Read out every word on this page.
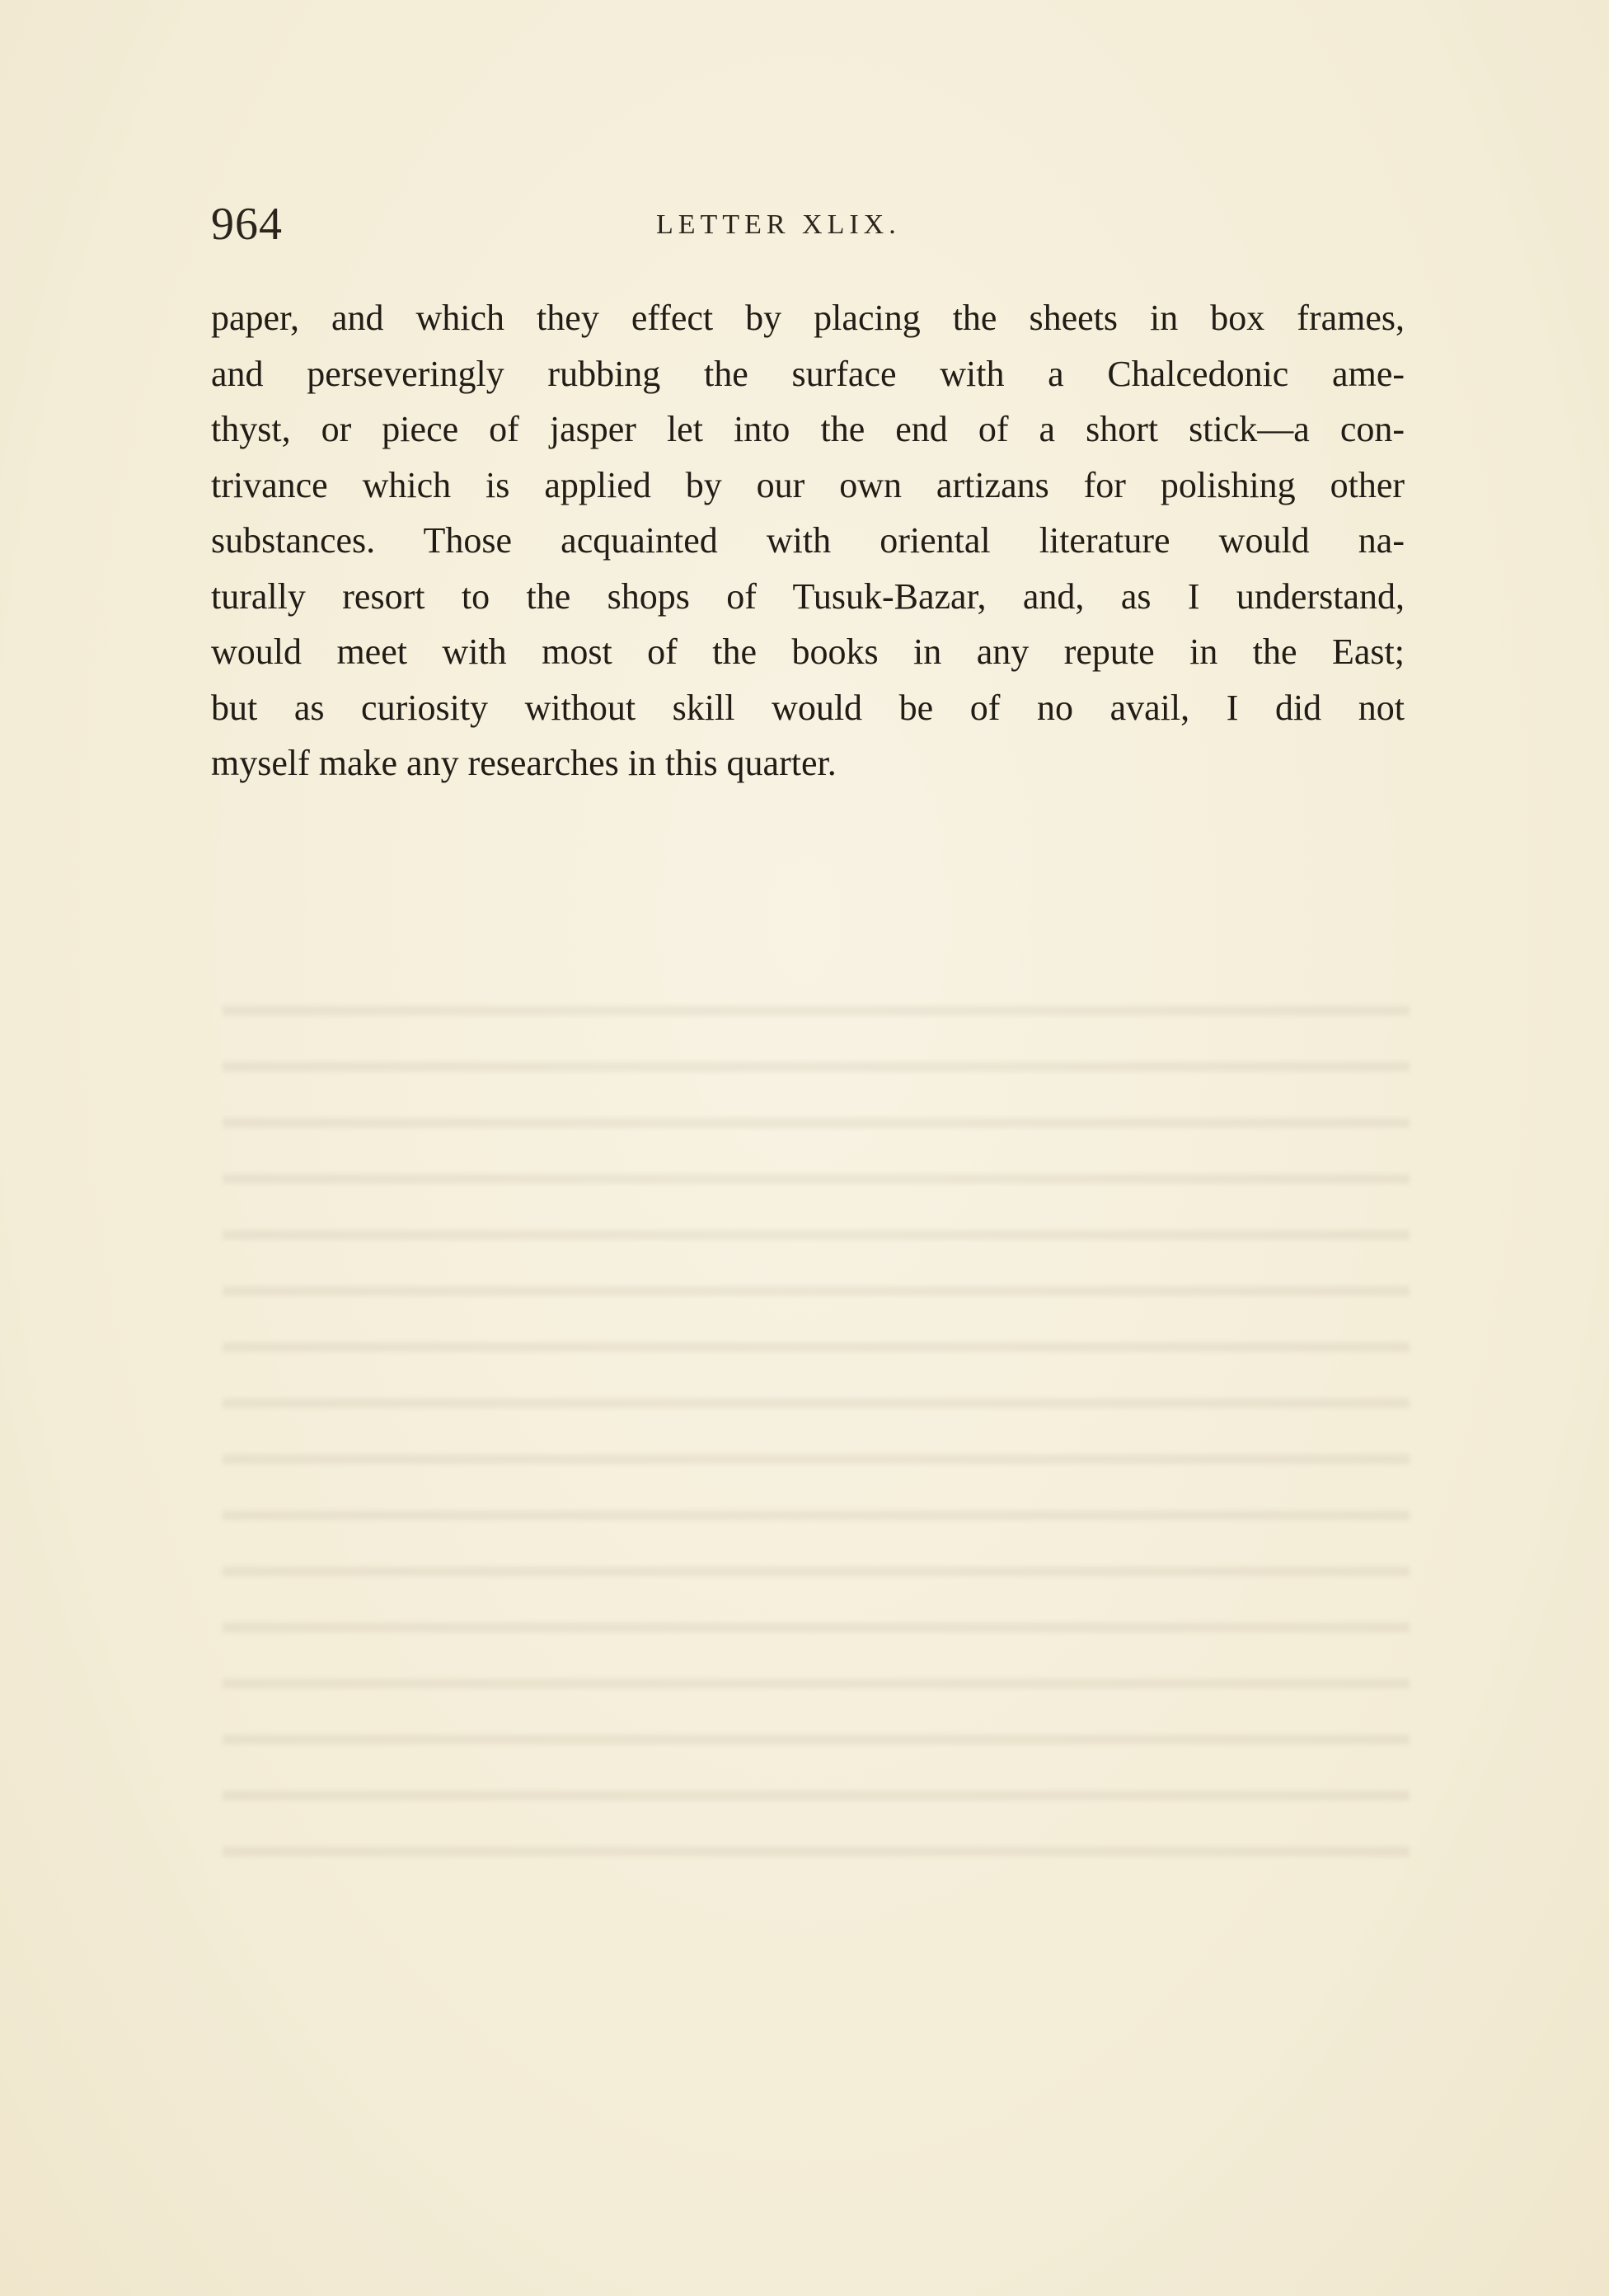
964	LETTER XLIX.
paper, and which they effect by placing the sheets in box frames,
and perseveringly rubbing the surface with a Chalcedonic ame-
thyst, or piece of jasper let into the end of a short stick—a con-
trivance which is applied by our own artizans for polishing other
substances. Those acquainted with oriental literature would na-
turally resort to the shops of Tusuk-Bazar, and, as I understand,
would meet with most of the books in any repute in the East;
but as curiosity without skill would be of no avail, I did not
myself make any researches in this quarter.
